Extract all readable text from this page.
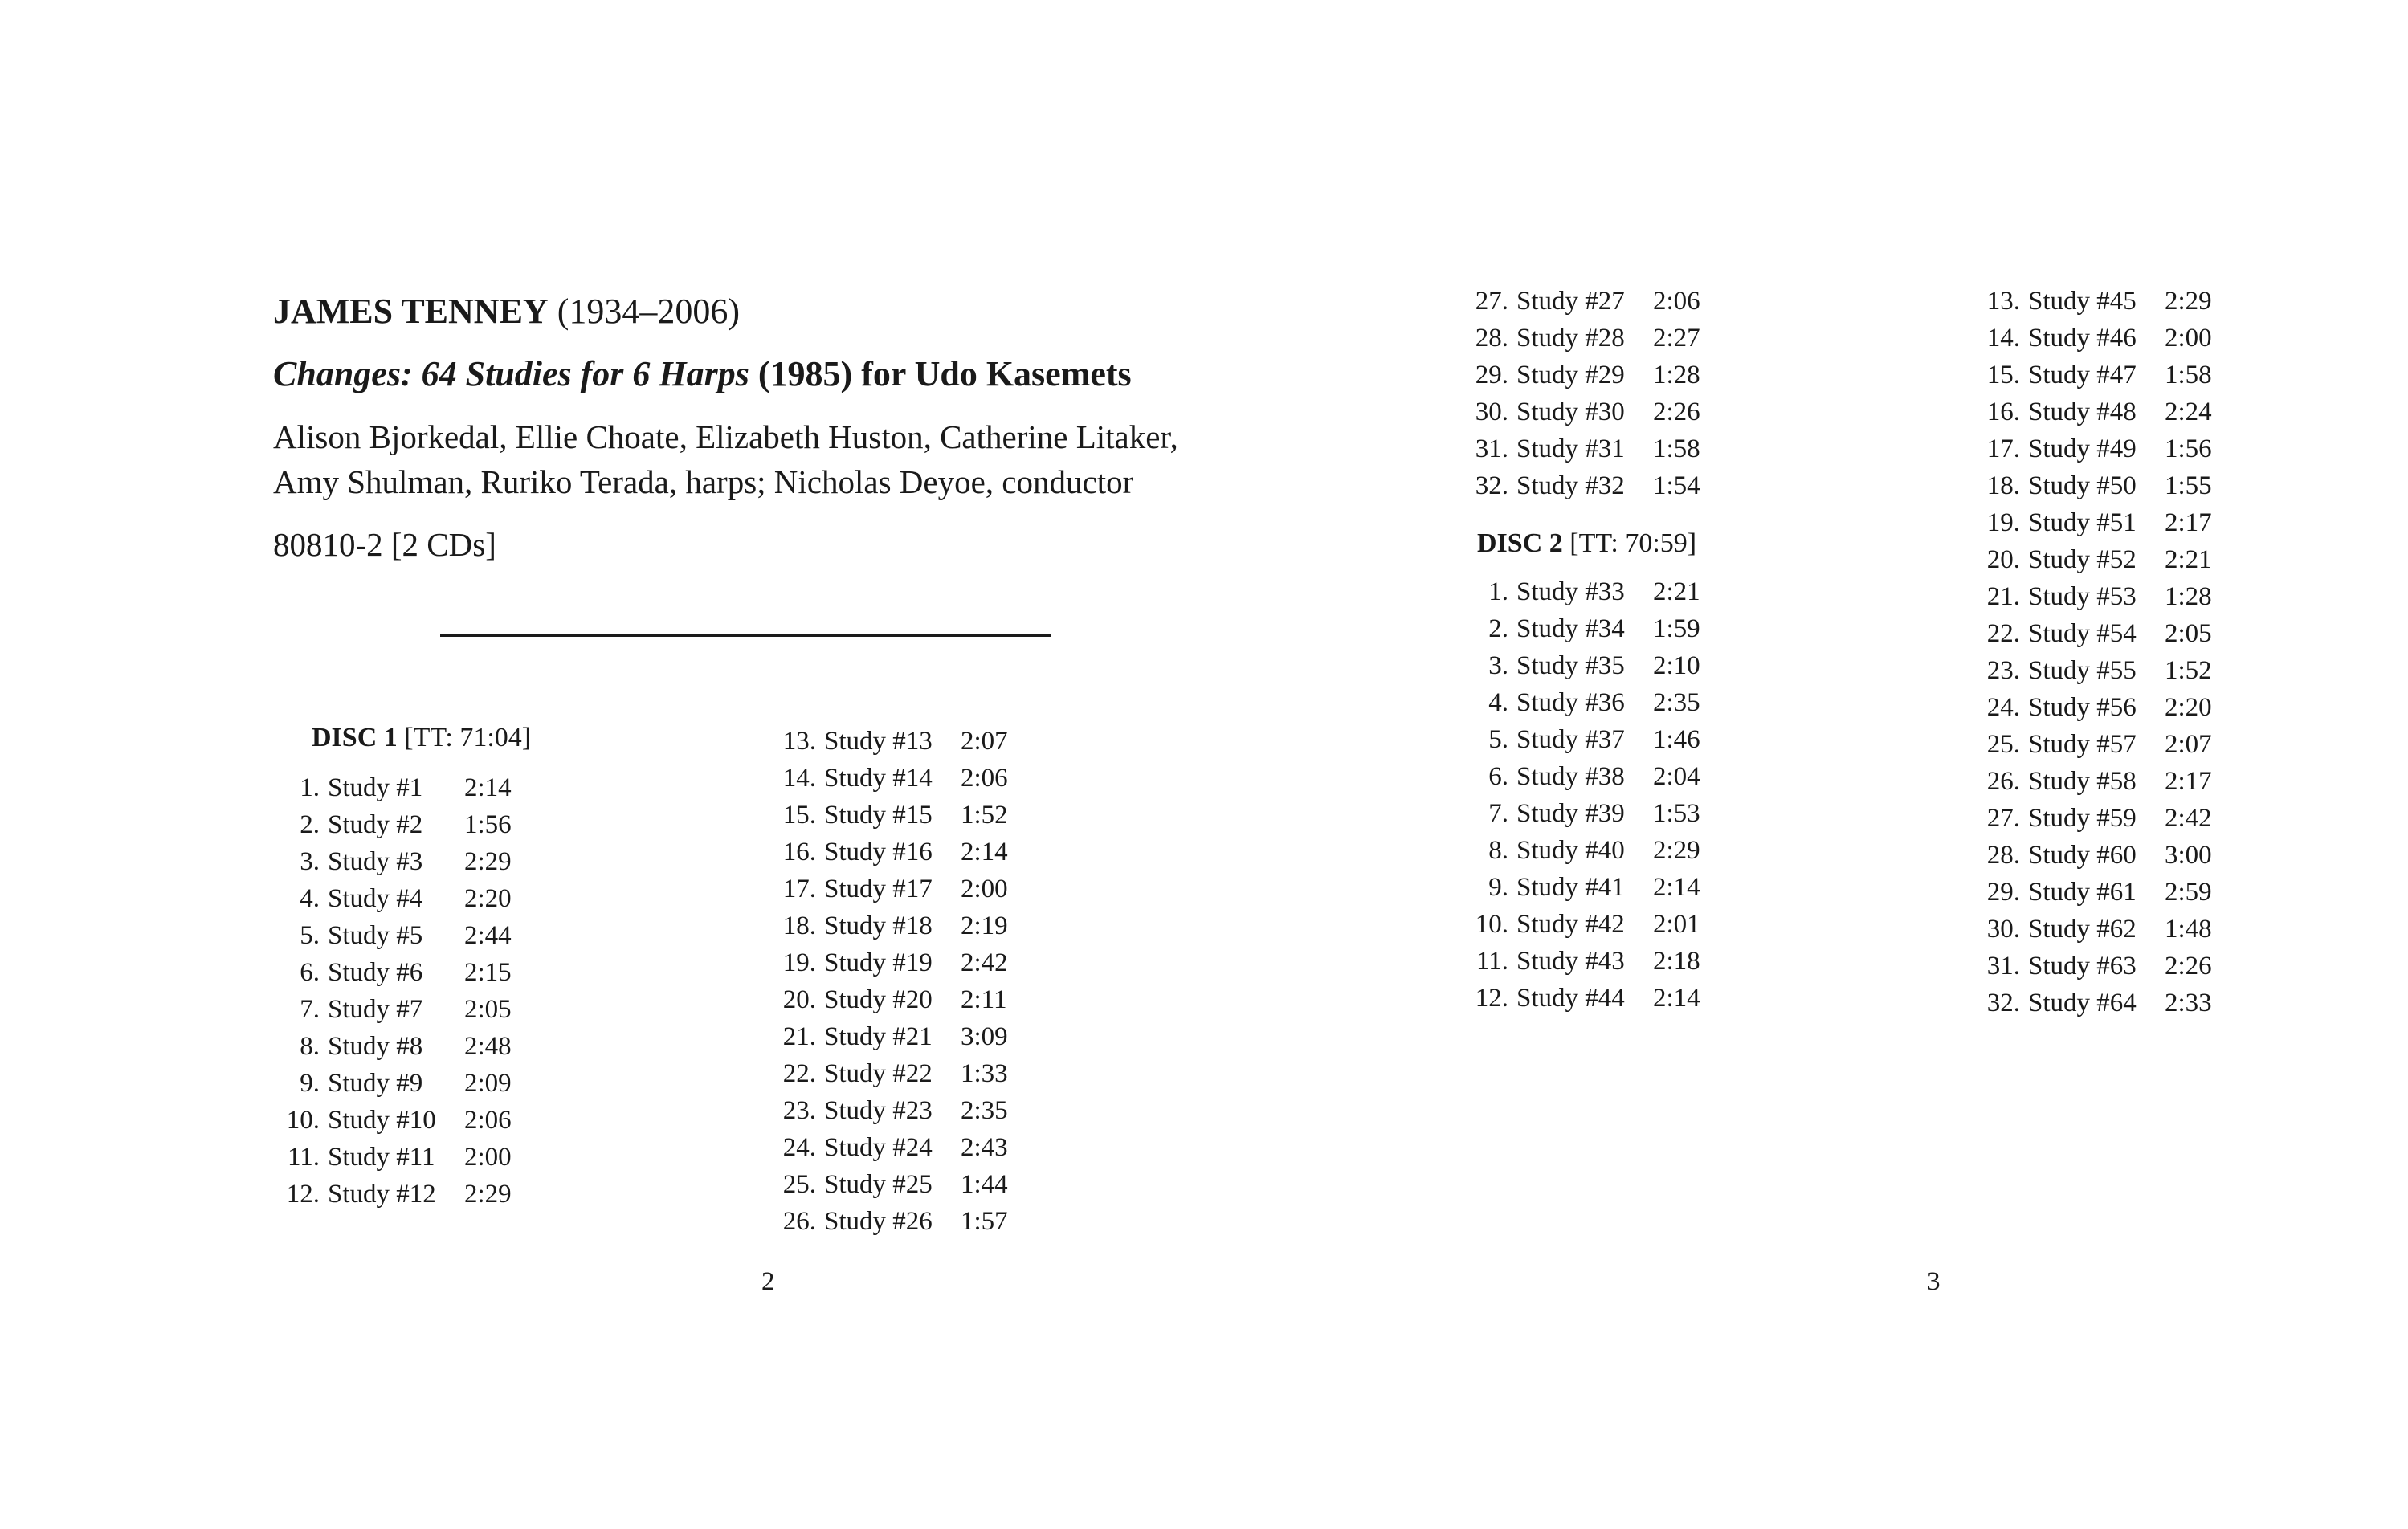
JAMES TENNEY (1934–2006)
Changes: 64 Studies for 6 Harps (1985) for Udo Kasemets
Alison Bjorkedal, Ellie Choate, Elizabeth Huston, Catherine Litaker,
Amy Shulman, Ruriko Terada, harps; Nicholas Deyoe, conductor
80810-2 [2 CDs]
DISC 1 [TT: 71:04]
1. Study #1 2:14
2. Study #2 1:56
3. Study #3 2:29
4. Study #4 2:20
5. Study #5 2:44
6. Study #6 2:15
7. Study #7 2:05
8. Study #8 2:48
9. Study #9 2:09
10. Study #10 2:06
11. Study #11 2:00
12. Study #12 2:29
13. Study #13 2:07
14. Study #14 2:06
15. Study #15 1:52
16. Study #16 2:14
17. Study #17 2:00
18. Study #18 2:19
19. Study #19 2:42
20. Study #20 2:11
21. Study #21 3:09
22. Study #22 1:33
23. Study #23 2:35
24. Study #24 2:43
25. Study #25 1:44
26. Study #26 1:57
2
27. Study #27 2:06
28. Study #28 2:27
29. Study #29 1:28
30. Study #30 2:26
31. Study #31 1:58
32. Study #32 1:54
DISC 2 [TT: 70:59]
1. Study #33 2:21
2. Study #34 1:59
3. Study #35 2:10
4. Study #36 2:35
5. Study #37 1:46
6. Study #38 2:04
7. Study #39 1:53
8. Study #40 2:29
9. Study #41 2:14
10. Study #42 2:01
11. Study #43 2:18
12. Study #44 2:14
13. Study #45 2:29
14. Study #46 2:00
15. Study #47 1:58
16. Study #48 2:24
17. Study #49 1:56
18. Study #50 1:55
19. Study #51 2:17
20. Study #52 2:21
21. Study #53 1:28
22. Study #54 2:05
23. Study #55 1:52
24. Study #56 2:20
25. Study #57 2:07
26. Study #58 2:17
27. Study #59 2:42
28. Study #60 3:00
29. Study #61 2:59
30. Study #62 1:48
31. Study #63 2:26
32. Study #64 2:33
3
